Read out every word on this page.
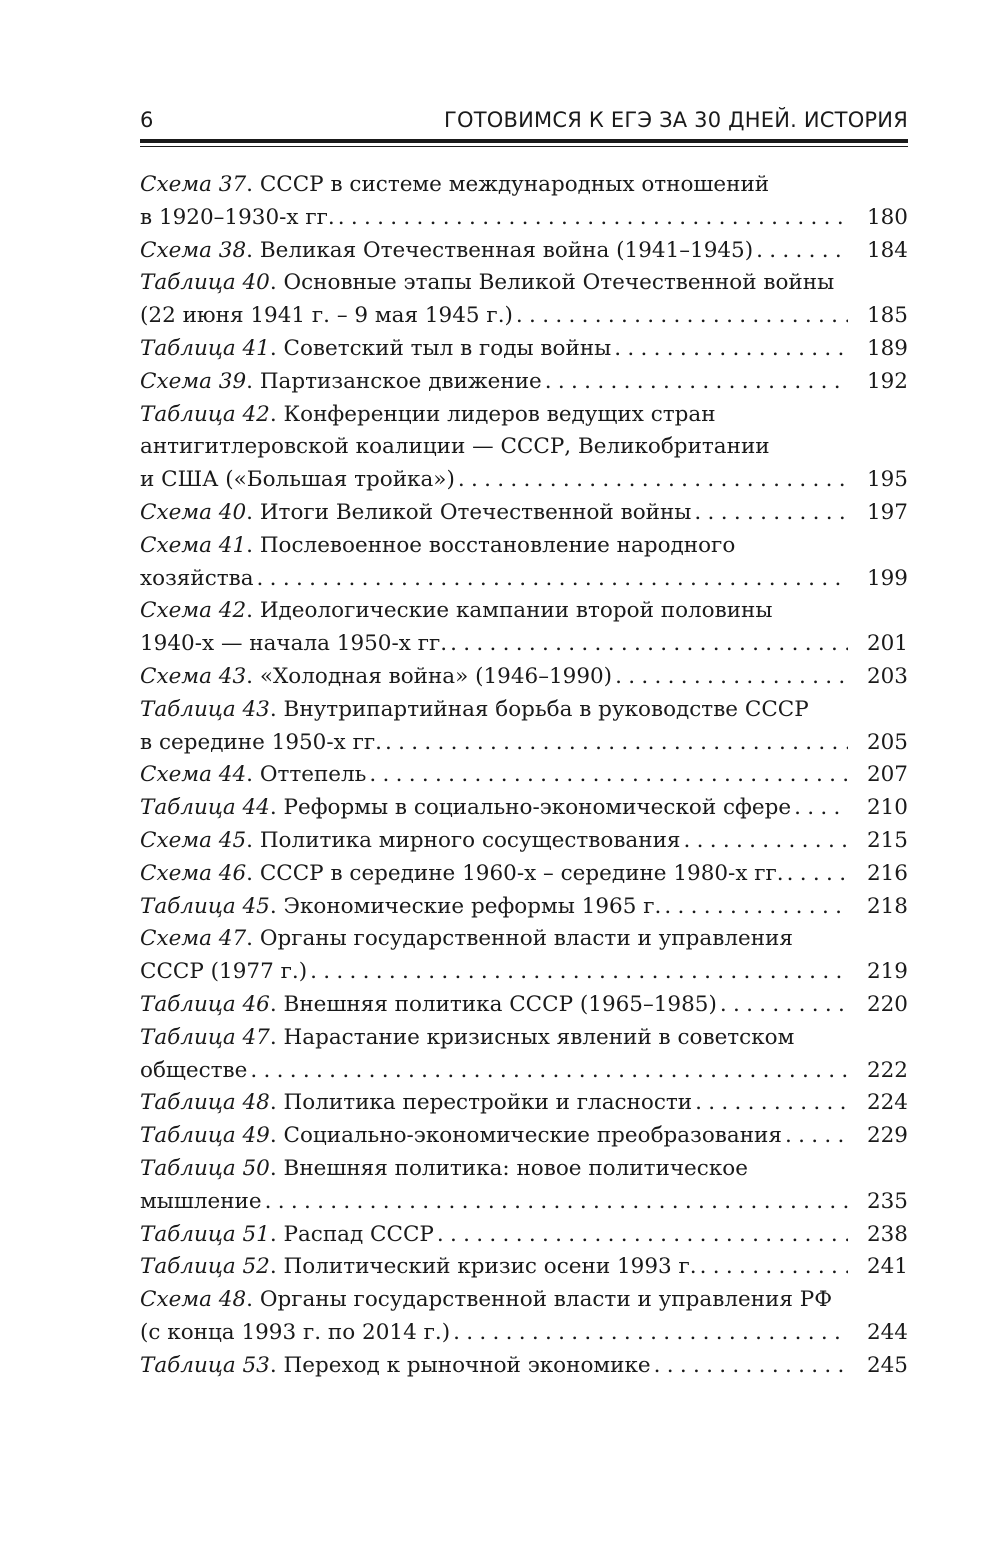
6	ГОТОВИМСЯ К ЕГЭ ЗА 30 ДНЕЙ. ИСТОРИЯ
Схема 37. СССР в системе международных отношений
в 1920–1930-х гг. .....	180
Схема 38. Великая Отечественная война (1941–1945) .....	184
Таблица 40. Основные этапы Великой Отечественной войны
(22 июня 1941 г. – 9 мая 1945 г.) .....	185
Таблица 41. Советский тыл в годы войны .....	189
Схема 39. Партизанское движение .....	192
Таблица 42. Конференции лидеров ведущих стран
антигитлеровской коалиции — СССР, Великобритании
и США («Большая тройка») .....	195
Схема 40. Итоги Великой Отечественной войны .....	197
Схема 41. Послевоенное восстановление народного
хозяйства .....	199
Схема 42. Идеологические кампании второй половины
1940-х — начала 1950-х гг. .....	201
Схема 43. «Холодная война» (1946–1990) .....	203
Таблица 43. Внутрипартийная борьба в руководстве СССР
в середине 1950-х гг. .....	205
Схема 44. Оттепель .....	207
Таблица 44. Реформы в социально-экономической сфере .....	210
Схема 45. Политика мирного сосуществования .....	215
Схема 46. СССР в середине 1960-х – середине 1980-х гг. .....	216
Таблица 45. Экономические реформы 1965 г. .....	218
Схема 47. Органы государственной власти и управления
СССР (1977 г.) .....	219
Таблица 46. Внешняя политика СССР (1965–1985) .....	220
Таблица 47. Нарастание кризисных явлений в советском
обществе .....	222
Таблица 48. Политика перестройки и гласности .....	224
Таблица 49. Социально-экономические преобразования .....	229
Таблица 50. Внешняя политика: новое политическое
мышление .....	235
Таблица 51. Распад СССР .....	238
Таблица 52. Политический кризис осени 1993 г. .....	241
Схема 48. Органы государственной власти и управления РФ
(с конца 1993 г. по 2014 г.) .....	244
Таблица 53. Переход к рыночной экономике .....	245
